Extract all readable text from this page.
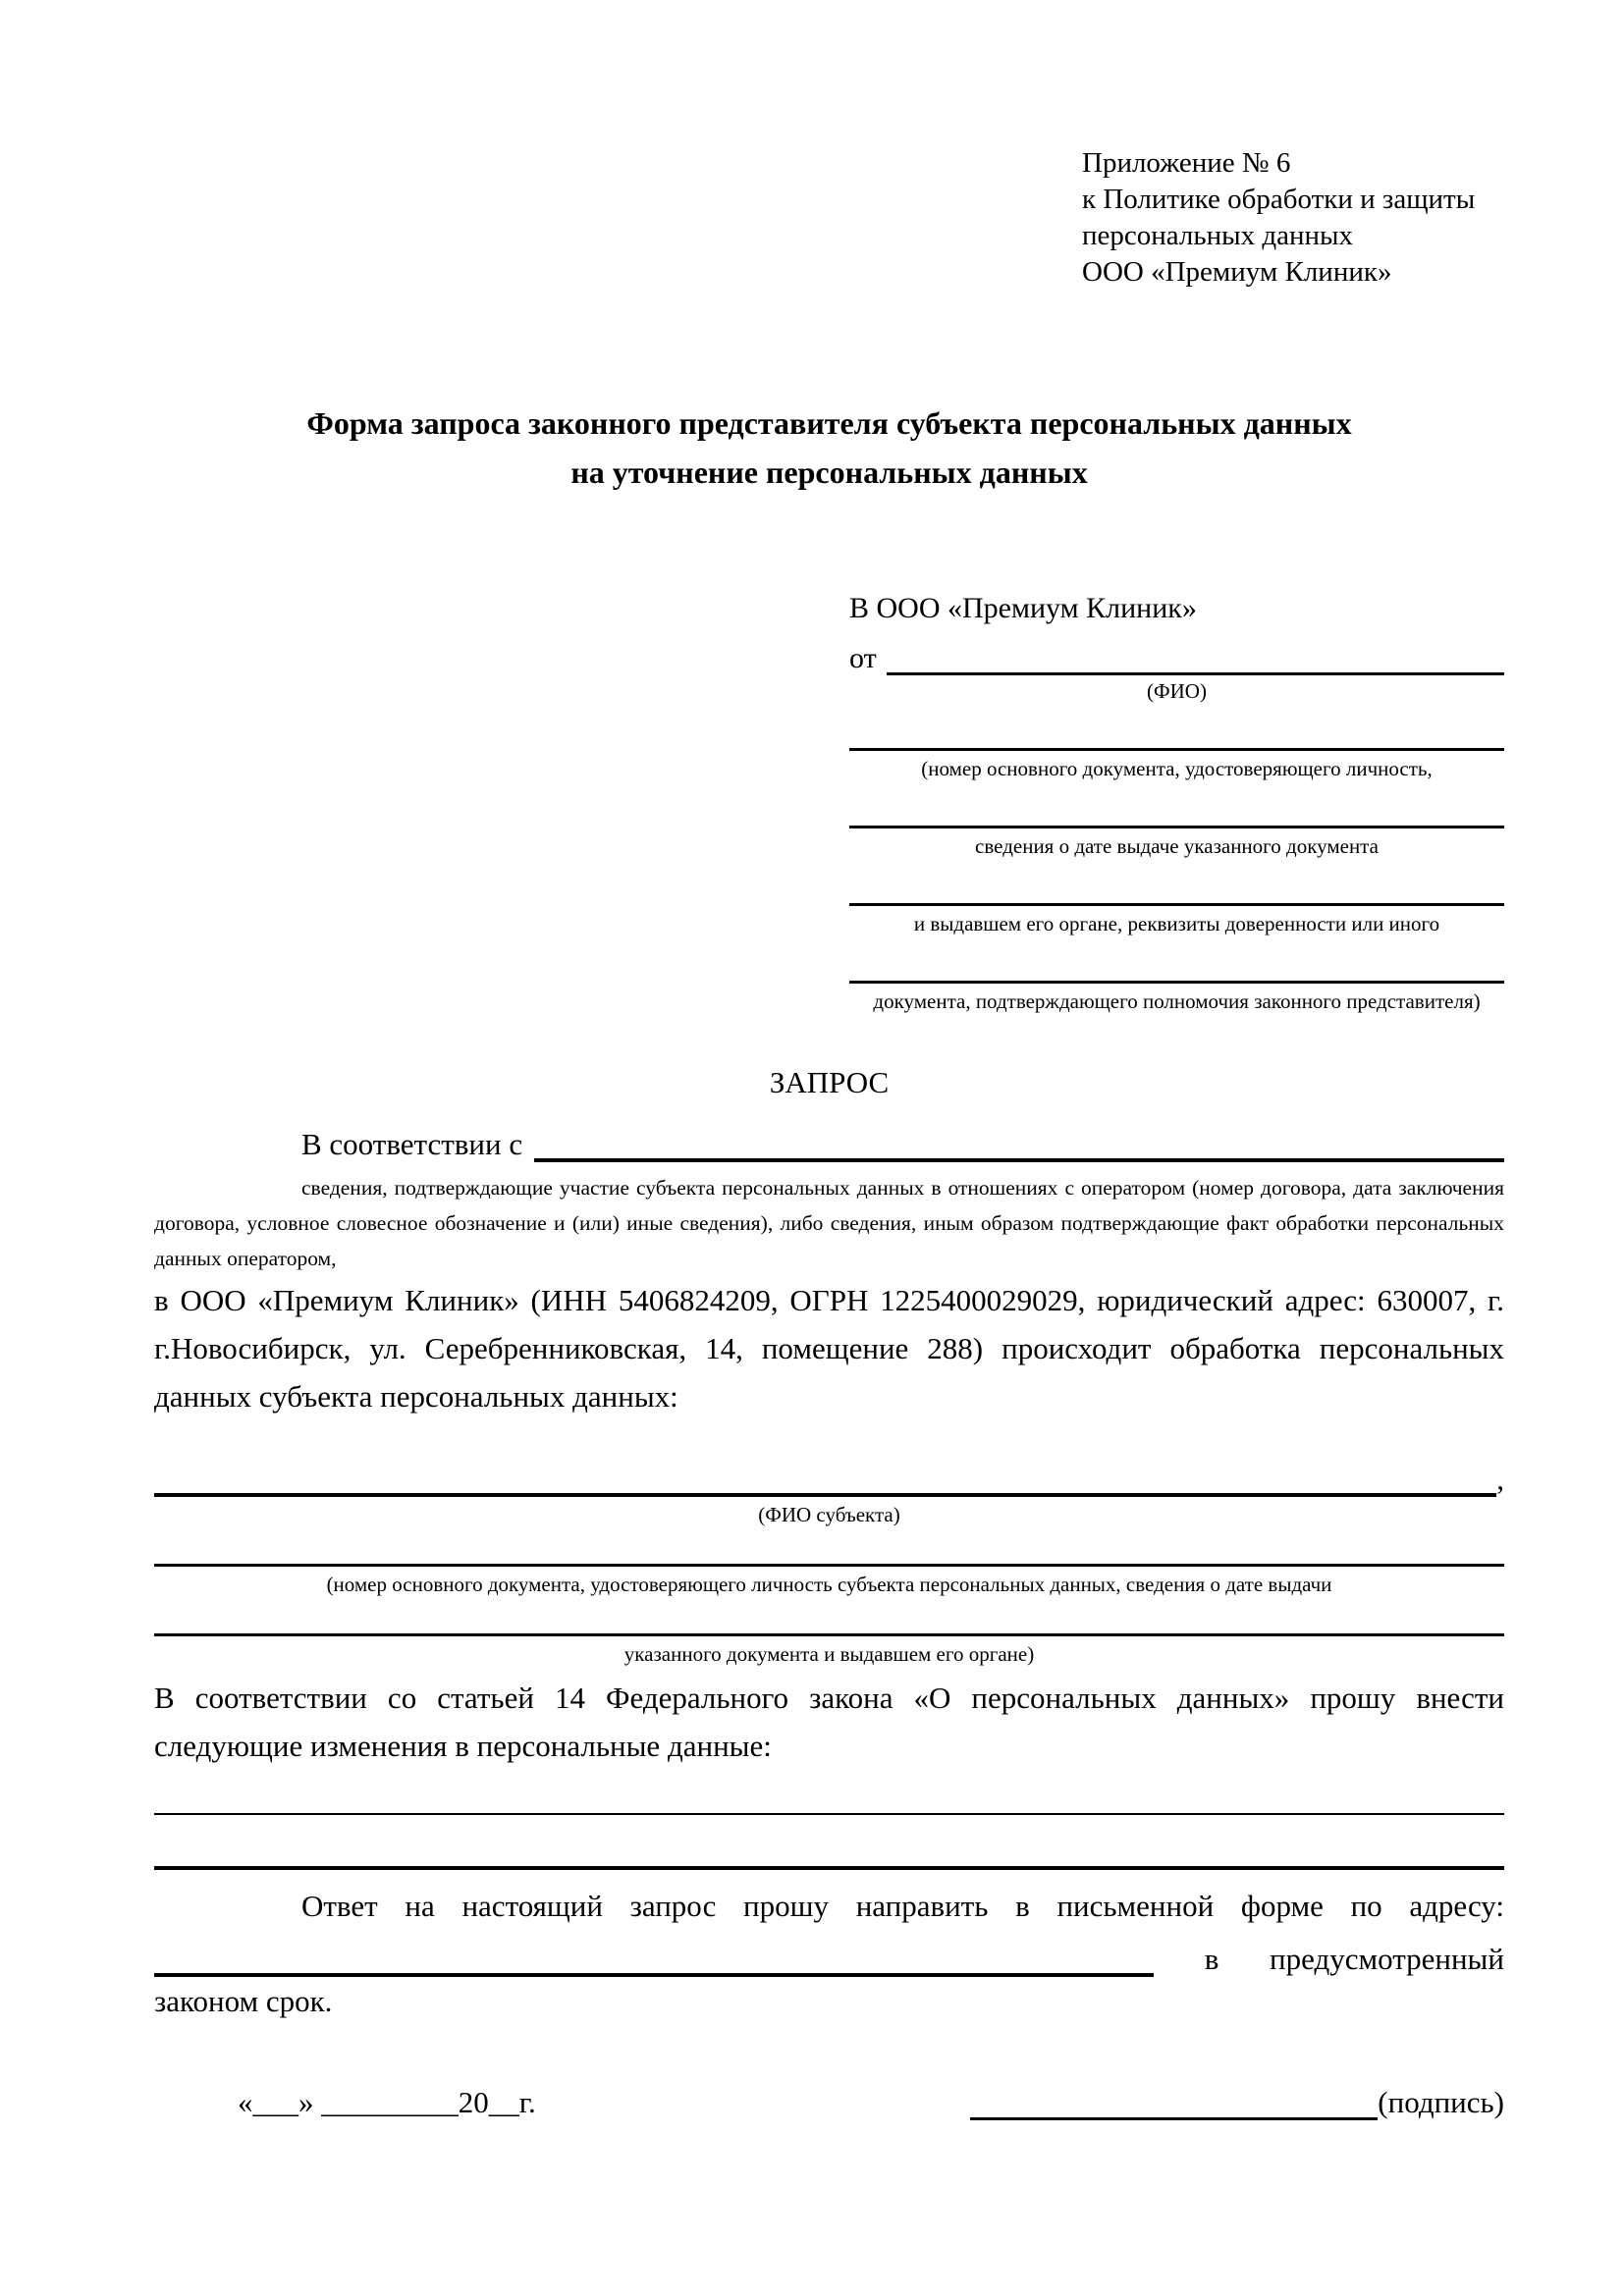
Приложение № 6
к Политике обработки и защиты
персональных данных
ООО «Премиум Клиник»
Форма запроса законного представителя субъекта персональных данных
на уточнение персональных данных
В ООО «Премиум Клиник»
от
(ФИО)
(номер основного документа, удостоверяющего личность,
сведения о дате выдаче указанного документа
и выдавшем его органе, реквизиты доверенности или иного
документа, подтверждающего полномочия законного представителя)
ЗАПРОС
В соответствии с
сведения, подтверждающие участие субъекта персональных данных в отношениях с оператором (номер договора, дата заключения договора, условное словесное обозначение и (или) иные сведения), либо сведения, иным образом подтверждающие факт обработки персональных данных оператором,

в ООО «Премиум Клиник» (ИНН 5406824209, ОГРН 1225400029029, юридический адрес: 630007, г. г.Новосибирск, ул. Серебренниковская, 14, помещение 288) происходит обработка персональных данных субъекта персональных данных:

,
(ФИО субъекта)
(номер основного документа, удостоверяющего личность субъекта персональных данных, сведения о дате выдачи
указанного документа и выдавшем его органе)

В соответствии со статьей 14 Федерального закона «О персональных данных» прошу внести следующие изменения в персональные данные:

Ответ на настоящий запрос прошу направить в письменной форме по адресу:

в предусмотренный

законом срок.

«___» _________20__г.	(подпись)
